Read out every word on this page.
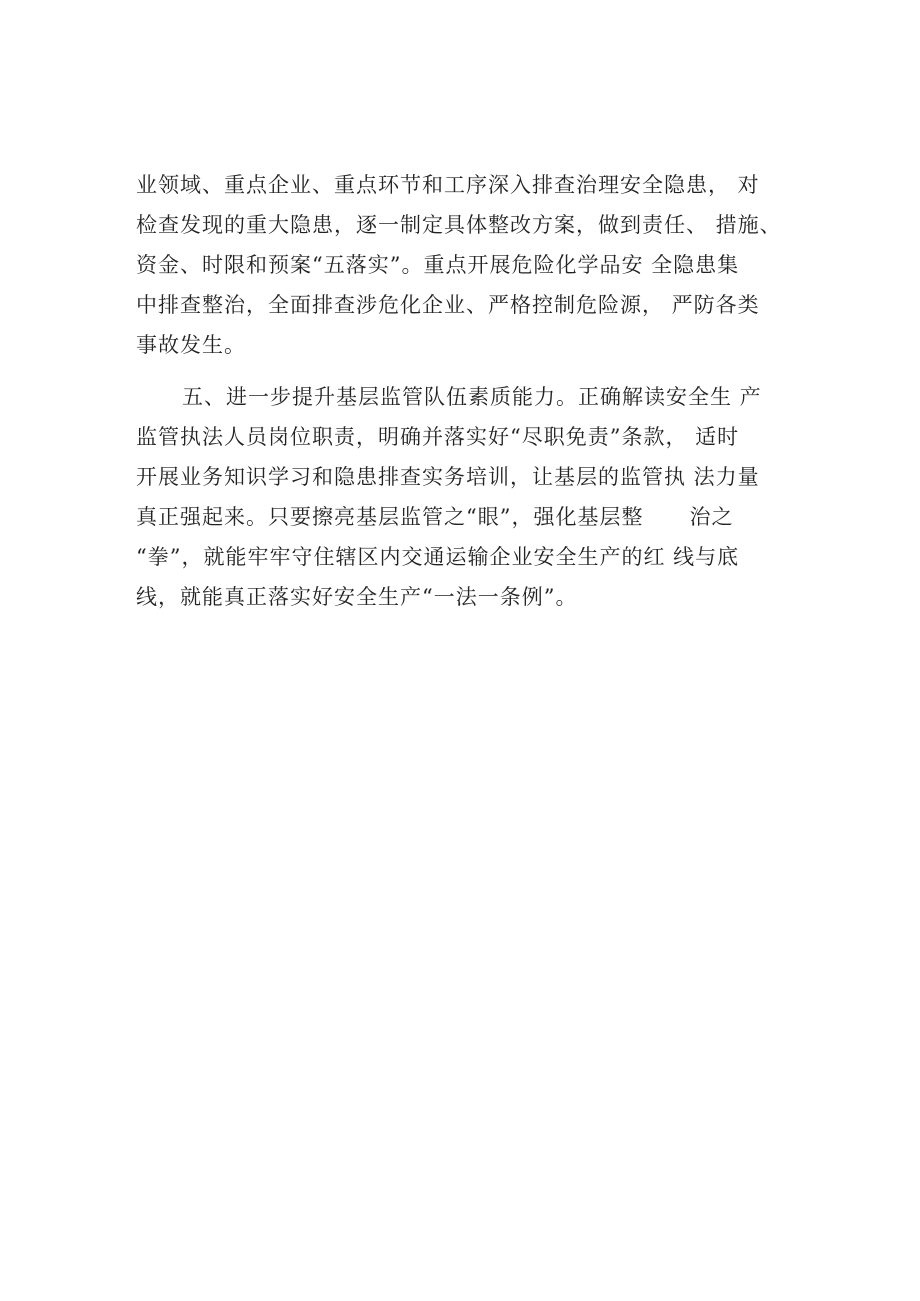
业领域、重点企业、重点环节和工序深入排查治理安全隐患， 对
检查发现的重大隐患，逐一制定具体整改方案，做到责任、 措施、
资金、时限和预案“五落实”。重点开展危险化学品安 全隐患集
中排查整治，全面排查涉危化企业、严格控制危险源， 严防各类
事故发生。
五、进一步提升基层监管队伍素质能力。正确解读安全生 产
监管执法人员岗位职责，明确并落实好“尽职免责”条款， 适时
开展业务知识学习和隐患排查实务培训，让基层的监管执 法力量
真正强起来。只要擦亮基层监管之“眼”，强化基层整      治之
“拳”，就能牢牢守住辖区内交通运输企业安全生产的红 线与底
线，就能真正落实好安全生产“一法一条例”。
